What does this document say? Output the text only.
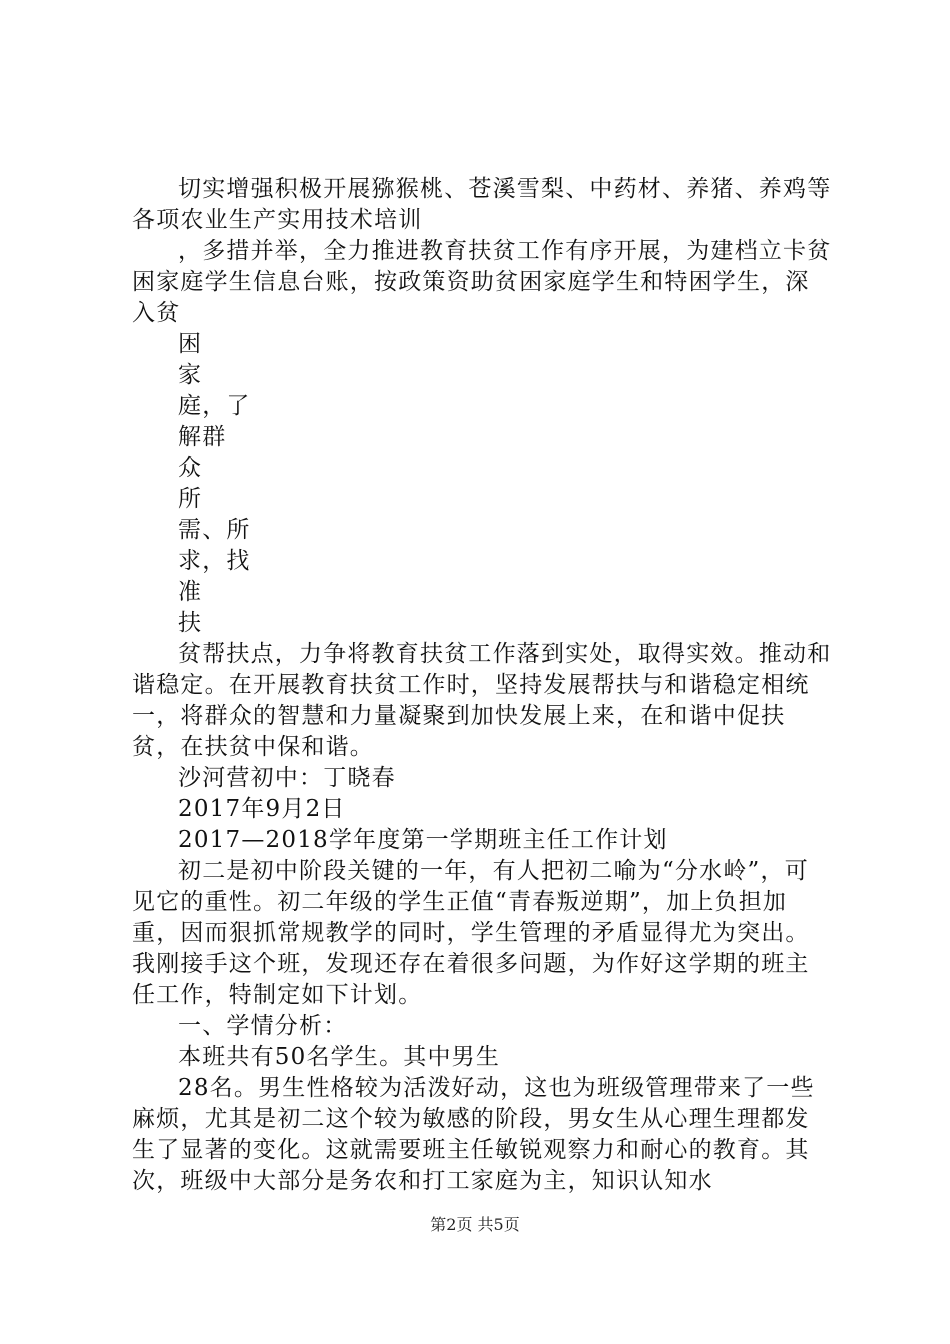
切实增强积极开展猕猴桃、苍溪雪梨、中药材、养猪、养鸡等各项农业生产实用技术培训

，多措并举，全力推进教育扶贫工作有序开展，为建档立卡贫困家庭学生信息台账，按政策资助贫困家庭学生和特困学生，深入贫

困

家

庭，了

解群

众

所

需、所

求，找

准

扶

贫帮扶点，力争将教育扶贫工作落到实处，取得实效。推动和谐稳定。在开展教育扶贫工作时，坚持发展帮扶与和谐稳定相统一，将群众的智慧和力量凝聚到加快发展上来，在和谐中促扶贫，在扶贫中保和谐。

沙河营初中：丁晓春

2017年9月2日

2017—2018学年度第一学期班主任工作计划

初二是初中阶段关键的一年，有人把初二喻为“分水岭”，可见它的重性。初二年级的学生正值“青春叛逆期”，加上负担加重，因而狠抓常规教学的同时，学生管理的矛盾显得尤为突出。我刚接手这个班，发现还存在着很多问题，为作好这学期的班主任工作，特制定如下计划。

一、学情分析：

本班共有50名学生。其中男生

28名。男生性格较为活泼好动，这也为班级管理带来了一些麻烦，尤其是初二这个较为敏感的阶段，男女生从心理生理都发生了显著的变化。这就需要班主任敏锐观察力和耐心的教育。其次，班级中大部分是务农和打工家庭为主，知识认知水

第2页 共5页
